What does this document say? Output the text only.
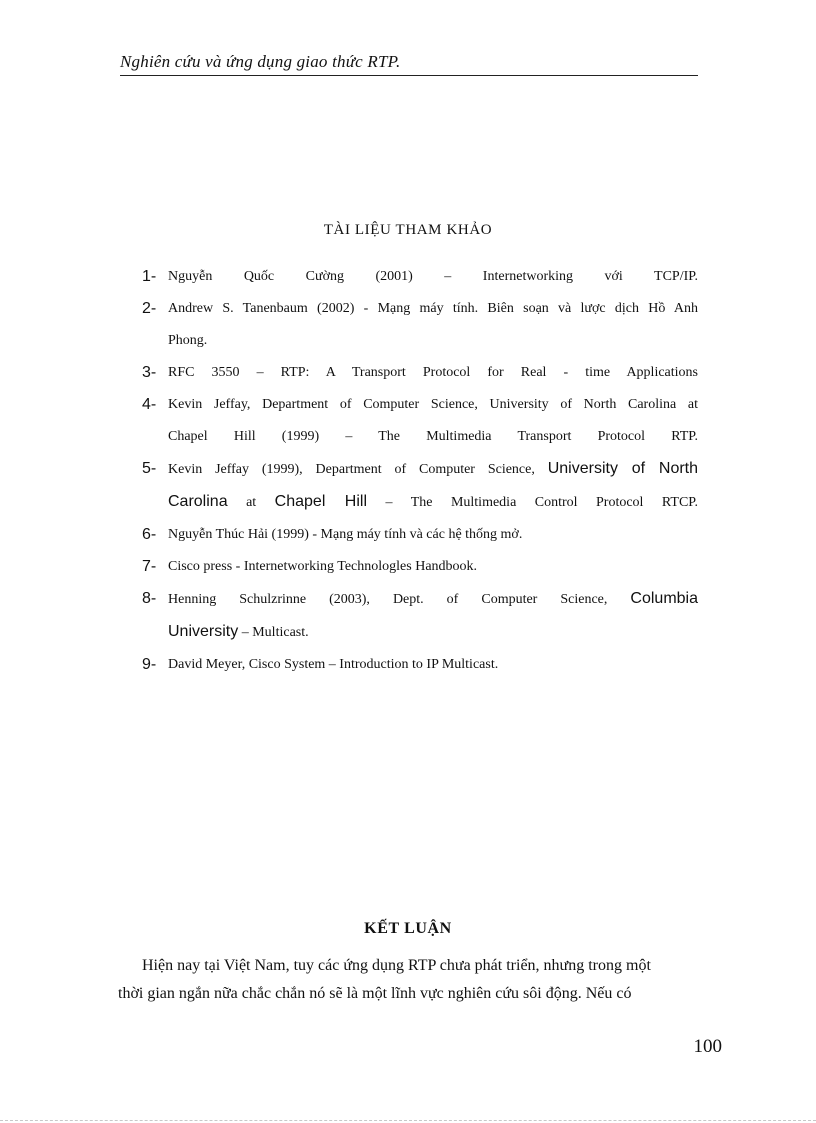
Nghiên cứu và ứng dụng giao thức RTP.
TÀI LIỆU THAM KHẢO
1- Nguyễn Quốc Cường (2001) – Internetworking với TCP/IP.
2- Andrew S. Tanenbaum (2002) - Mạng máy tính. Biên soạn và lược dịch Hồ Anh
Phong.
3- RFC 3550 – RTP: A Transport Protocol for Real - time Applications
4- Kevin Jeffay, Department of Computer Science, University of North Carolina at
Chapel Hill (1999) – The Multimedia Transport Protocol RTP.
5- Kevin Jeffay (1999), Department of Computer Science, University of North
Carolina at Chapel Hill – The Multimedia Control Protocol RTCP.
6- Nguyễn Thúc Hải (1999) - Mạng máy tính và các hệ thống mở.
7- Cisco press - Internetworking Technologles Handbook.
8- Henning Schulzrinne (2003), Dept. of Computer Science, Columbia
University – Multicast.
9- David Meyer, Cisco System – Introduction to IP Multicast.
KẾT LUẬN
Hiện nay tại Việt Nam, tuy các ứng dụng RTP chưa phát triển, nhưng trong một
thời gian ngắn nữa chắc chắn nó sẽ là một lĩnh vực nghiên cứu sôi động. Nếu có
100
